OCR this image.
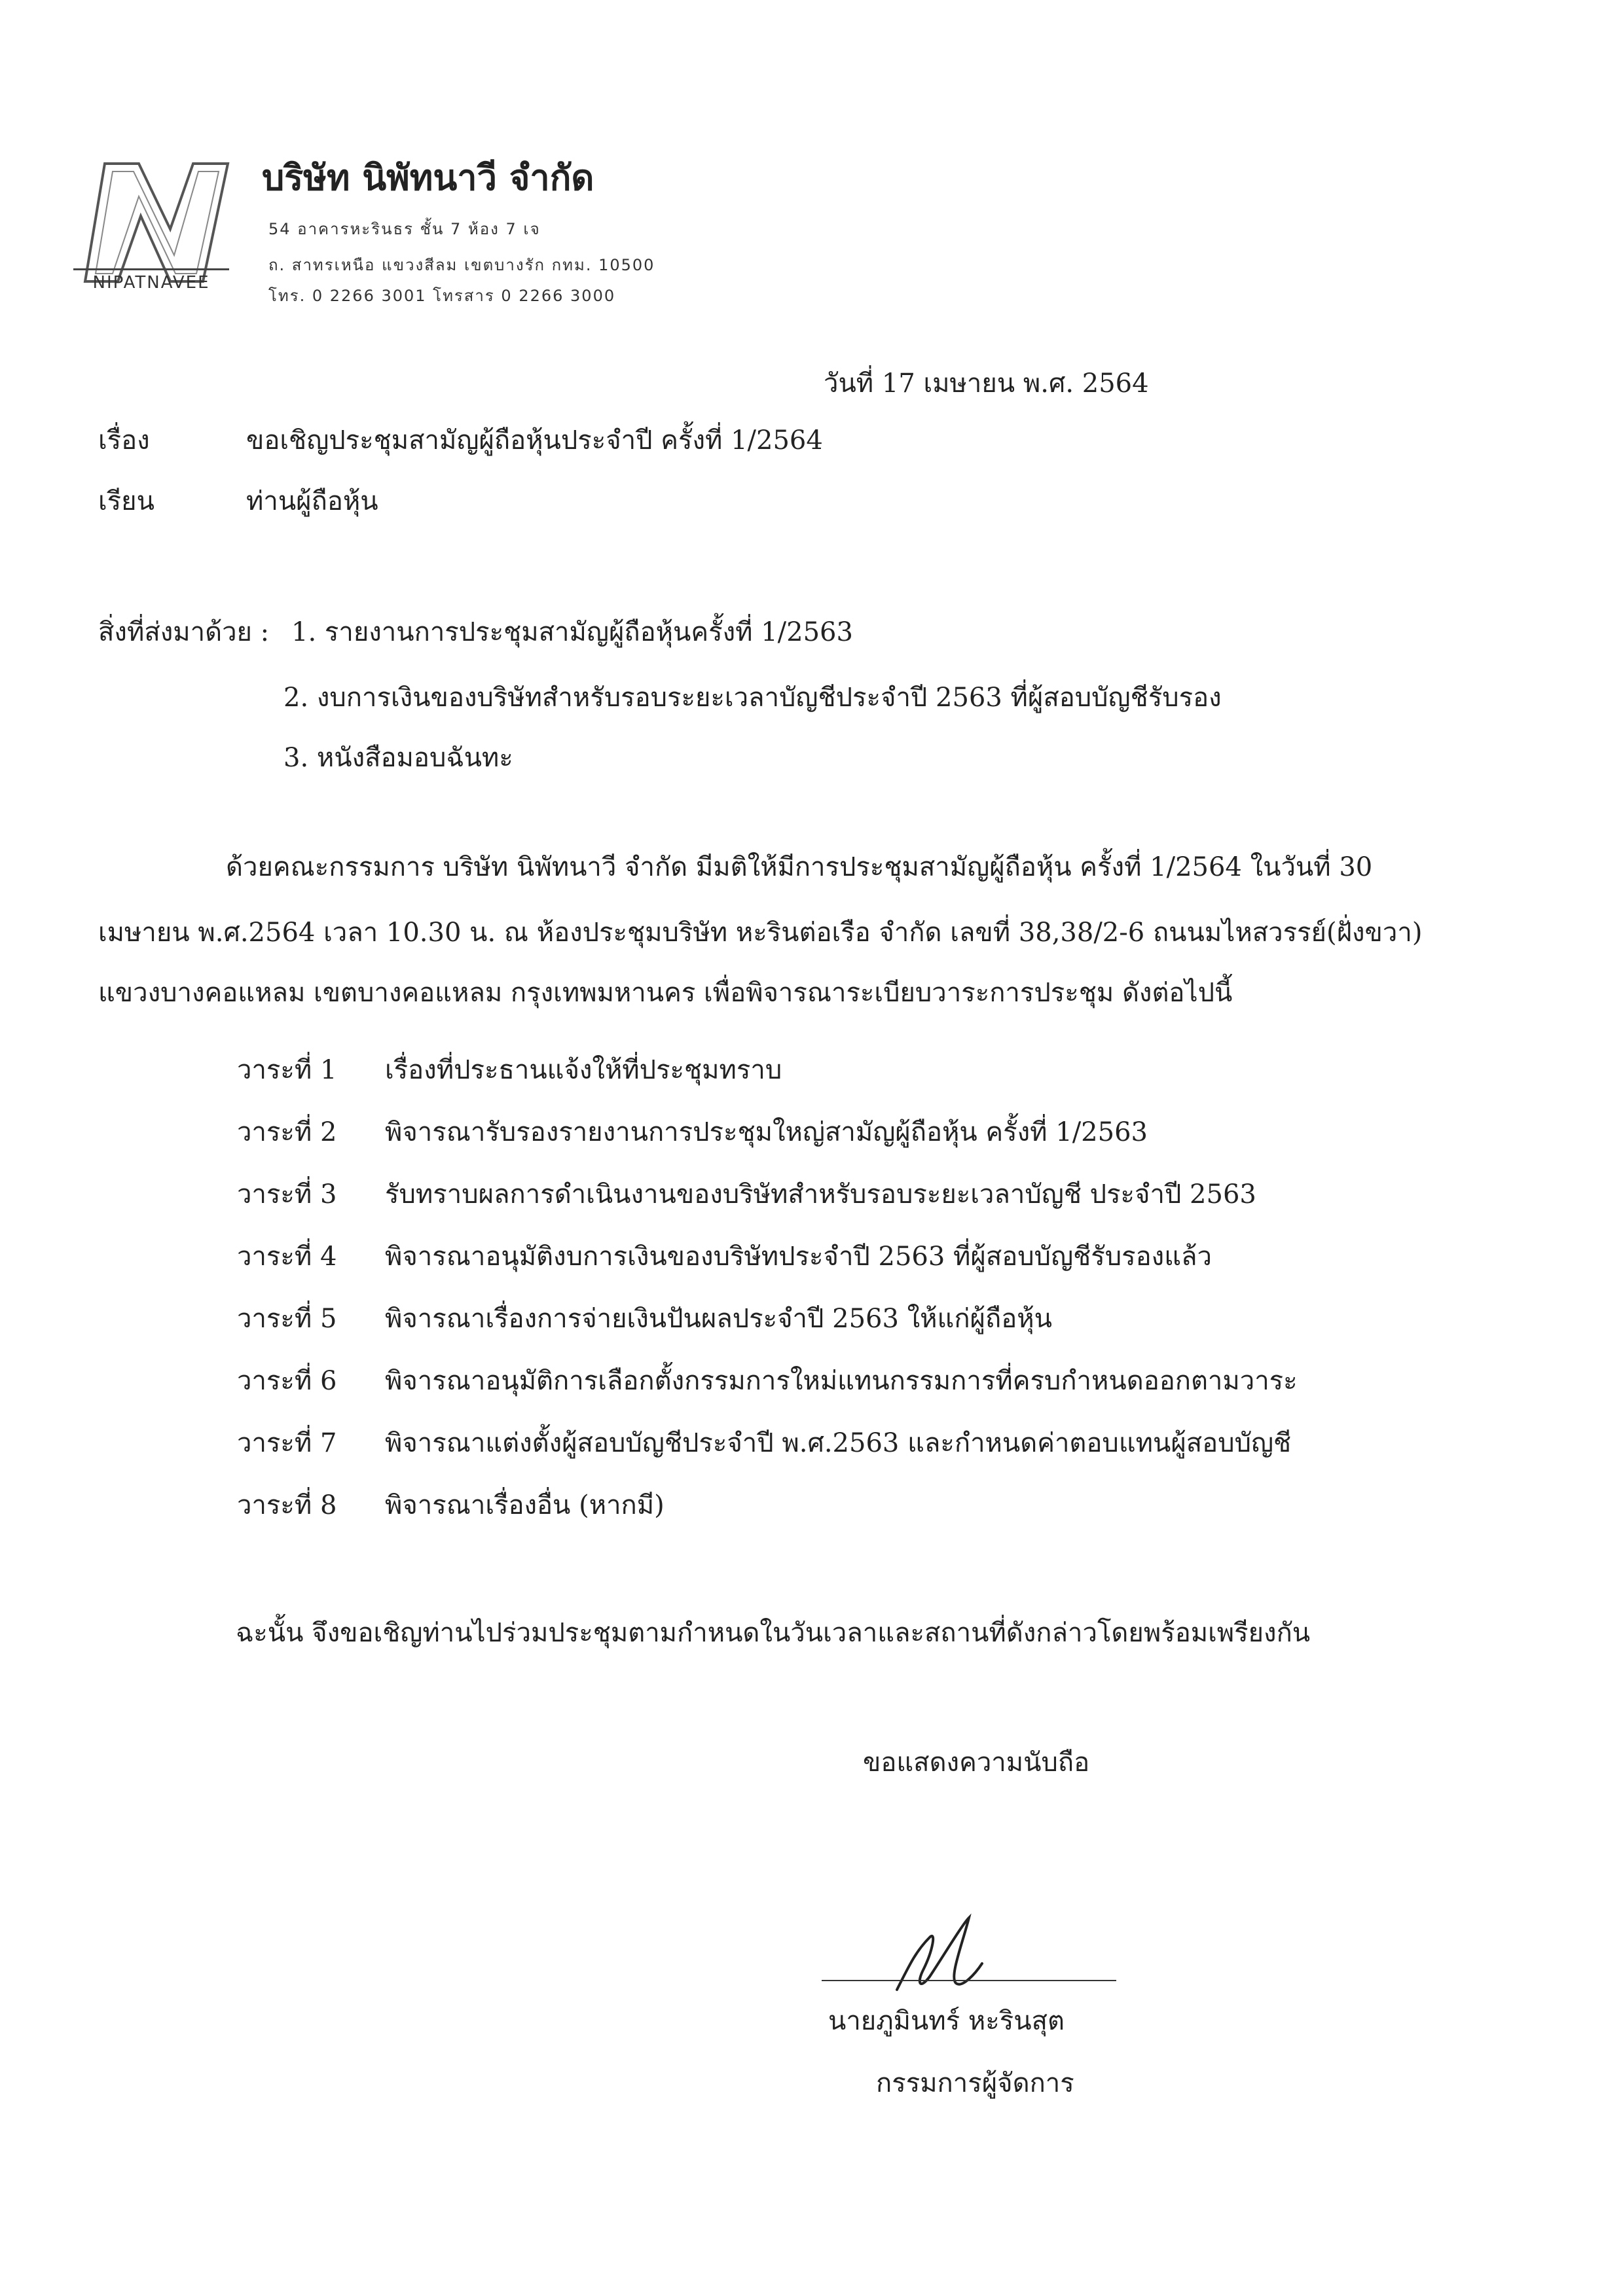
NIPATNAVEE
บริษัท นิพัทนาวี จำกัด
54 อาคารหะรินธร ชั้น 7 ห้อง 7 เจ
ถ. สาทรเหนือ แขวงสีลม เขตบางรัก กทม. 10500
โทร. 0 2266 3001 โทรสาร 0 2266 3000
วันที่ 17 เมษายน พ.ศ. 2564
เรื่อง	ขอเชิญประชุมสามัญผู้ถือหุ้นประจำปี ครั้งที่ 1/2564
เรียน	ท่านผู้ถือหุ้น
สิ่งที่ส่งมาด้วย : 1. รายงานการประชุมสามัญผู้ถือหุ้นครั้งที่ 1/2563
2. งบการเงินของบริษัทสำหรับรอบระยะเวลาบัญชีประจำปี 2563 ที่ผู้สอบบัญชีรับรอง
3. หนังสือมอบฉันทะ
ด้วยคณะกรรมการ บริษัท นิพัทนาวี จำกัด มีมติให้มีการประชุมสามัญผู้ถือหุ้น ครั้งที่ 1/2564 ในวันที่ 30
เมษายน พ.ศ.2564 เวลา 10.30 น. ณ ห้องประชุมบริษัท หะรินต่อเรือ จำกัด เลขที่ 38,38/2-6 ถนนมไหสวรรย์(ฝั่งขวา)
แขวงบางคอแหลม เขตบางคอแหลม กรุงเทพมหานคร เพื่อพิจารณาระเบียบวาระการประชุม ดังต่อไปนี้
วาระที่ 1 เรื่องที่ประธานแจ้งให้ที่ประชุมทราบ
วาระที่ 2 พิจารณารับรองรายงานการประชุมใหญ่สามัญผู้ถือหุ้น ครั้งที่ 1/2563
วาระที่ 3 รับทราบผลการดำเนินงานของบริษัทสำหรับรอบระยะเวลาบัญชี ประจำปี 2563
วาระที่ 4 พิจารณาอนุมัติงบการเงินของบริษัทประจำปี 2563 ที่ผู้สอบบัญชีรับรองแล้ว
วาระที่ 5 พิจารณาเรื่องการจ่ายเงินปันผลประจำปี 2563 ให้แก่ผู้ถือหุ้น
วาระที่ 6 พิจารณาอนุมัติการเลือกตั้งกรรมการใหม่แทนกรรมการที่ครบกำหนดออกตามวาระ
วาระที่ 7 พิจารณาแต่งตั้งผู้สอบบัญชีประจำปี พ.ศ.2563 และกำหนดค่าตอบแทนผู้สอบบัญชี
วาระที่ 8 พิจารณาเรื่องอื่น (หากมี)
ฉะนั้น จึงขอเชิญท่านไปร่วมประชุมตามกำหนดในวันเวลาและสถานที่ดังกล่าวโดยพร้อมเพรียงกัน
ขอแสดงความนับถือ
นายภูมินทร์ หะรินสุต
กรรมการผู้จัดการ
